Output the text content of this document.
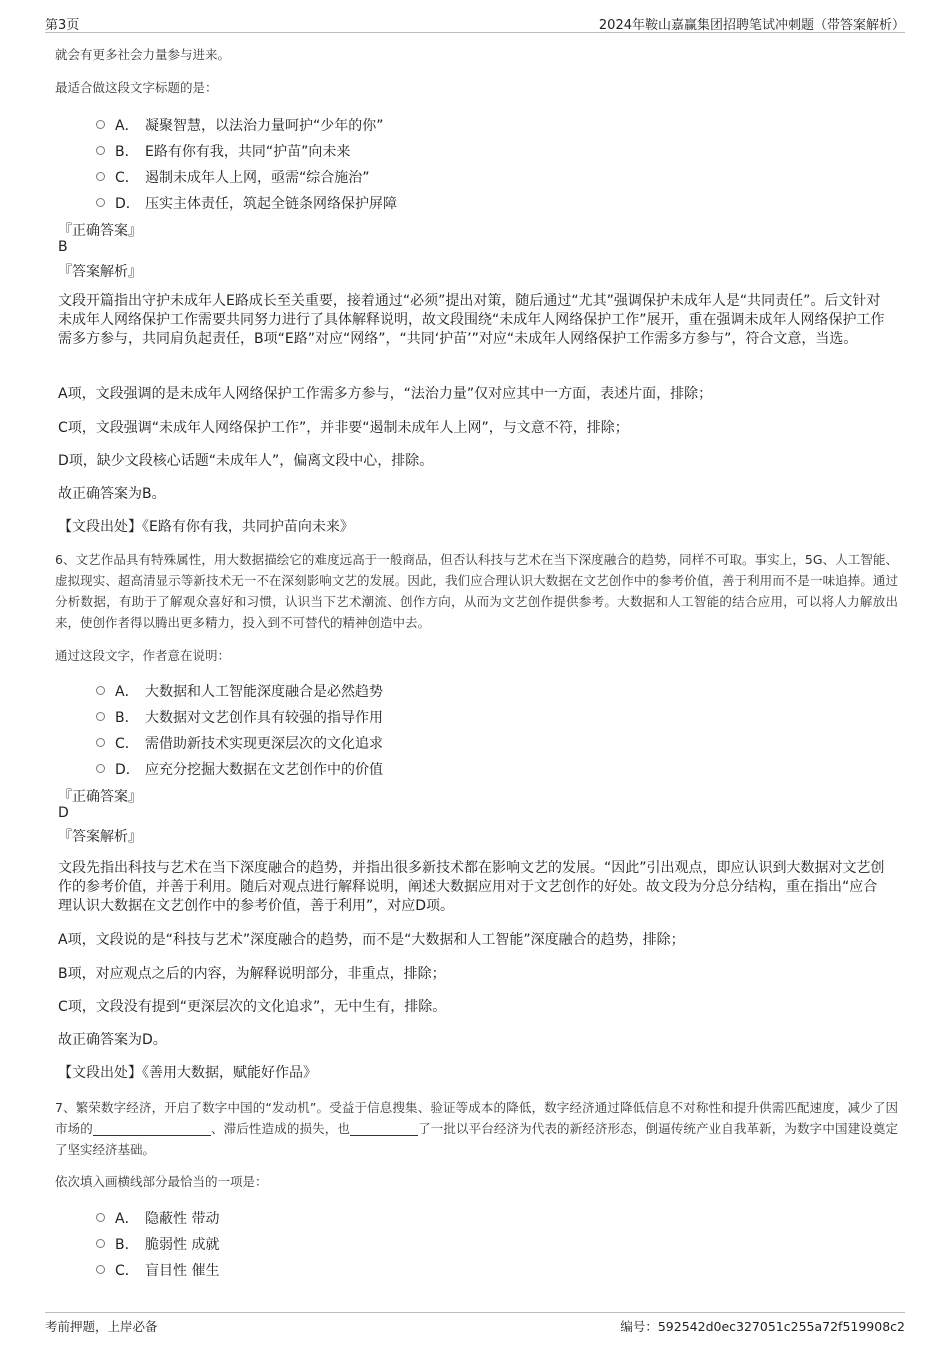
第3页	2024年鞍山嘉赢集团招聘笔试冲刺题（带答案解析）

就会有更多社会力量参与进来。

最适合做这段文字标题的是：

A． 凝聚智慧，以法治力量呵护“少年的你”
B． E路有你有我，共同“护苗”向未来
C． 遏制未成年人上网，亟需“综合施治”
D． 压实主体责任，筑起全链条网络保护屏障

『正确答案』

B

『答案解析』

文段开篇指出守护未成年人E路成长至关重要，接着通过“必须”提出对策，随后通过“尤其”强调保护未成年人是“共同责任”。后文针对未成年人网络保护工作需要共同努力进行了具体解释说明，故文段围绕“未成年人网络保护工作”展开，重在强调未成年人网络保护工作需多方参与，共同肩负起责任，B项“E路”对应“网络”，“共同‘护苗’”对应“未成年人网络保护工作需多方参与”，符合文意，当选。

A项，文段强调的是未成年人网络保护工作需多方参与，“法治力量”仅对应其中一方面，表述片面，排除；

C项，文段强调“未成年人网络保护工作”，并非要“遏制未成年人上网”，与文意不符，排除；

D项，缺少文段核心话题“未成年人”，偏离文段中心，排除。

故正确答案为B。

【文段出处】《E路有你有我，共同护苗向未来》

6、文艺作品具有特殊属性，用大数据描绘它的难度远高于一般商品，但否认科技与艺术在当下深度融合的趋势，同样不可取。事实上，5G、人工智能、虚拟现实、超高清显示等新技术无一不在深刻影响文艺的发展。因此，我们应合理认识大数据在文艺创作中的参考价值，善于利用而不是一味追捧。通过分析数据，有助于了解观众喜好和习惯，认识当下艺术潮流、创作方向，从而为文艺创作提供参考。大数据和人工智能的结合应用，可以将人力解放出来，使创作者得以腾出更多精力，投入到不可替代的精神创造中去。

通过这段文字，作者意在说明：

A． 大数据和人工智能深度融合是必然趋势
B． 大数据对文艺创作具有较强的指导作用
C． 需借助新技术实现更深层次的文化追求
D． 应充分挖掘大数据在文艺创作中的价值

『正确答案』

D

『答案解析』

文段先指出科技与艺术在当下深度融合的趋势，并指出很多新技术都在影响文艺的发展。“因此”引出观点，即应认识到大数据对文艺创作的参考价值，并善于利用。随后对观点进行解释说明，阐述大数据应用对于文艺创作的好处。故文段为分总分结构，重在指出“应合理认识大数据在文艺创作中的参考价值，善于利用”，对应D项。

A项，文段说的是“科技与艺术”深度融合的趋势，而不是“大数据和人工智能”深度融合的趋势，排除；

B项，对应观点之后的内容，为解释说明部分，非重点，排除；

C项，文段没有提到“更深层次的文化追求”，无中生有，排除。

故正确答案为D。

【文段出处】《善用大数据，赋能好作品》

7、繁荣数字经济，开启了数字中国的“发动机”。受益于信息搜集、验证等成本的降低，数字经济通过降低信息不对称性和提升供需匹配速度，减少了因市场的	、滞后性造成的损失，也	了一批以平台经济为代表的新经济形态，倒逼传统产业自我革新，为数字中国建设奠定了坚实经济基础。

依次填入画横线部分最恰当的一项是：

A． 隐蔽性 带动
B． 脆弱性 成就
C． 盲目性 催生
考前押题，上岸必备	编号：592542d0ec327051c255a72f519908c2
